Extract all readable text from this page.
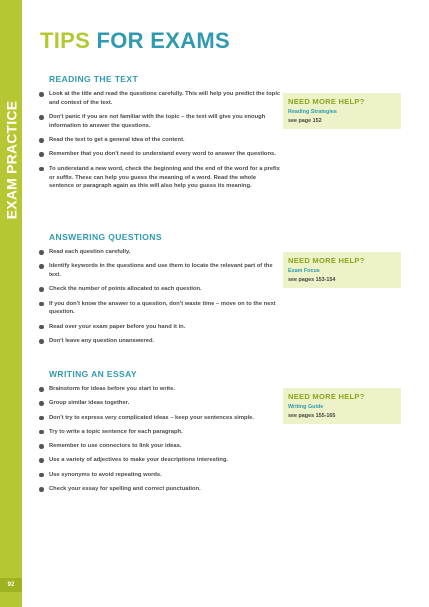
EXAM PRACTICE
92
TIPS FOR EXAMS
READING THE TEXT
Look at the title and read the questions carefully. This will help you predict the topic and context of the text.
Don't panic if you are not familiar with the topic – the text will give you enough information to answer the questions.
Read the text to get a general idea of the content.
Remember that you don't need to understand every word to answer the questions.
To understand a new word, check the beginning and the end of the word for a prefix or suffix. These can help you guess the meaning of a word. Read the whole sentence or paragraph again as this will also help you guess its meaning.
NEED MORE HELP?
Reading Strategies
see page 152
ANSWERING QUESTIONS
Read each question carefully.
Identify keywords in the questions and use them to locate the relevant part of the text.
Check the number of points allocated to each question.
If you don't know the answer to a question, don't waste time – move on to the next question.
Read over your exam paper before you hand it in.
Don't leave any question unanswered.
NEED MORE HELP?
Exam Focus
see pages 153-154
WRITING AN ESSAY
Brainstorm for ideas before you start to write.
Group similar ideas together.
Don't try to express very complicated ideas – keep your sentences simple.
Try to write a topic sentence for each paragraph.
Remember to use connectors to link your ideas.
Use a variety of adjectives to make your descriptions interesting.
Use synonyms to avoid repeating words.
Check your essay for spelling and correct punctuation.
NEED MORE HELP?
Writing Guide
see pages 155-165
